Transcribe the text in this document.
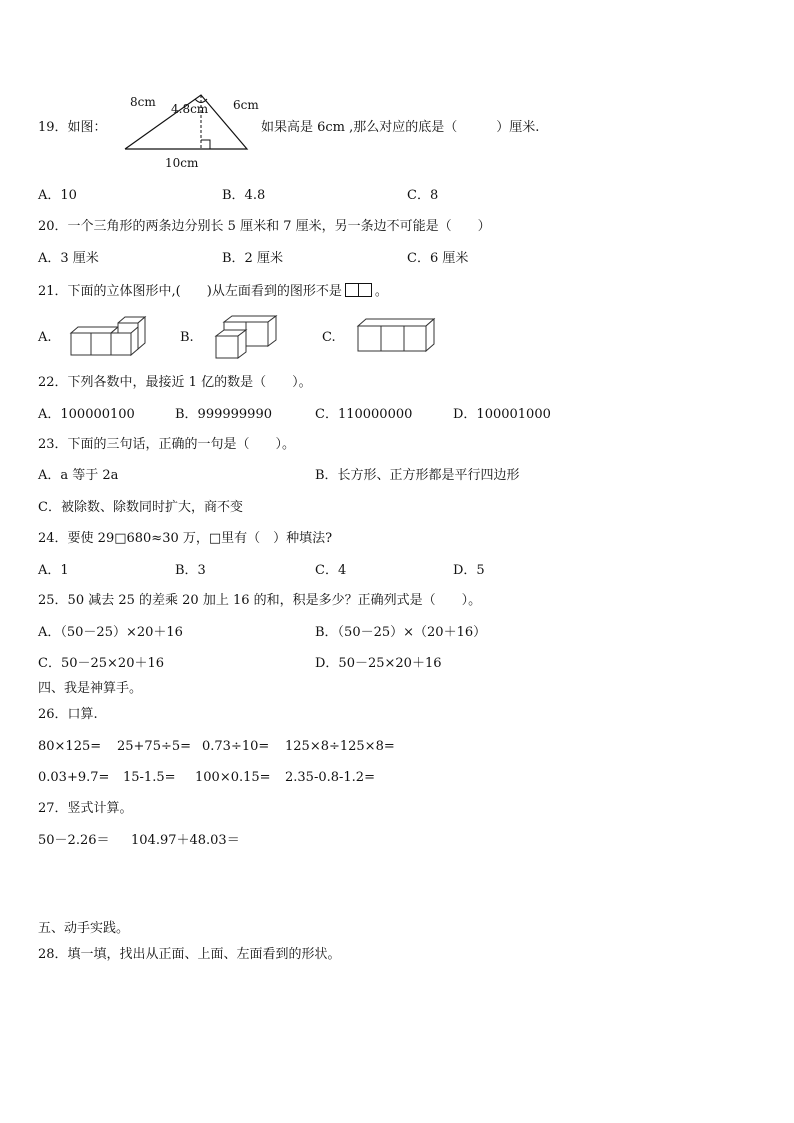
19．如图：
8cm 4.8cm 6cm
10cm
如果高是 6cm ,那么对应的底是（　　　）厘米.
A．10	B．4.8	C．8
20．一个三角形的两条边分别长 5 厘米和 7 厘米，另一条边不可能是（　　）
A．3 厘米	B．2 厘米	C．6 厘米
21．下面的立体图形中,(　　)从左面看到的图形不是	。
A.	B.	C.
22．下列各数中，最接近 1 亿的数是（　　）。
A．100000100	B．999999990	C．110000000	D．100001000
23．下面的三句话，正确的一句是（　　）。
A．a 等于 2a	B．长方形、正方形都是平行四边形
C．被除数、除数同时扩大，商不变
24．要使 29□680≈30 万，□里有（　）种填法?
A．1	B．3	C．4	D．5
25．50 减去 25 的差乘 20 加上 16 的和，积是多少？正确列式是（　　）。
A．（50－25）×20＋16	B．（50－25）×（20＋16）
C．50－25×20＋16	D．50－25×20＋16
四、我是神算手。
26．口算.
80×125= 25+75÷5= 0.73÷10= 125×8÷125×8=
0.03+9.7= 15-1.5= 100×0.15= 2.35-0.8-1.2=
27．竖式计算。
50－2.26＝ 104.97＋48.03＝
五、动手实践。
28．填一填，找出从正面、上面、左面看到的形状。
